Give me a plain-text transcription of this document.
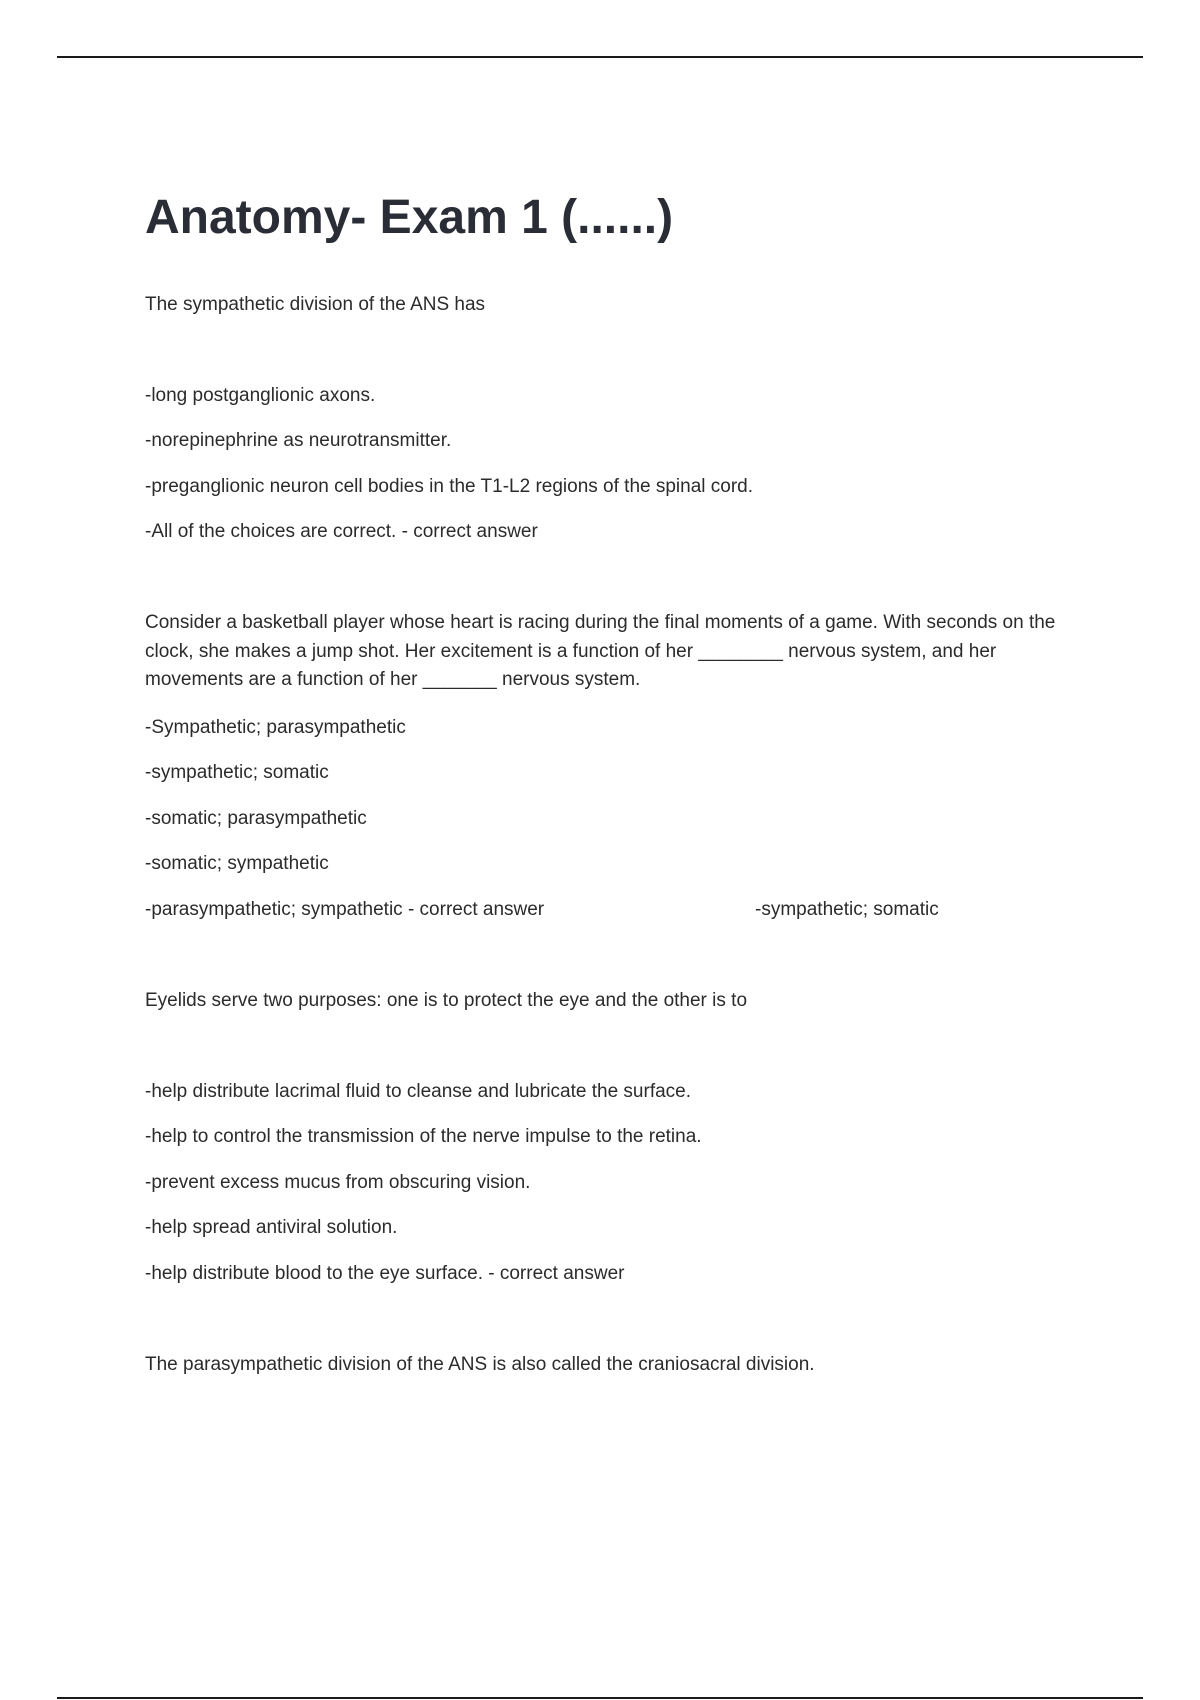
Anatomy- Exam 1 (......)
The sympathetic division of the ANS has
-long postganglionic axons.
-norepinephrine as neurotransmitter.
-preganglionic neuron cell bodies in the T1-L2 regions of the spinal cord.
-All of the choices are correct. - correct answer
Consider a basketball player whose heart is racing during the final moments of a game. With seconds on the clock, she makes a jump shot. Her excitement is a function of her ________ nervous system, and her movements are a function of her _______ nervous system.
-Sympathetic; parasympathetic
-sympathetic; somatic
-somatic; parasympathetic
-somatic; sympathetic
-parasympathetic; sympathetic - correct answer	-sympathetic; somatic
Eyelids serve two purposes: one is to protect the eye and the other is to
-help distribute lacrimal fluid to cleanse and lubricate the surface.
-help to control the transmission of the nerve impulse to the retina.
-prevent excess mucus from obscuring vision.
-help spread antiviral solution.
-help distribute blood to the eye surface. - correct answer
The parasympathetic division of the ANS is also called the craniosacral division.
